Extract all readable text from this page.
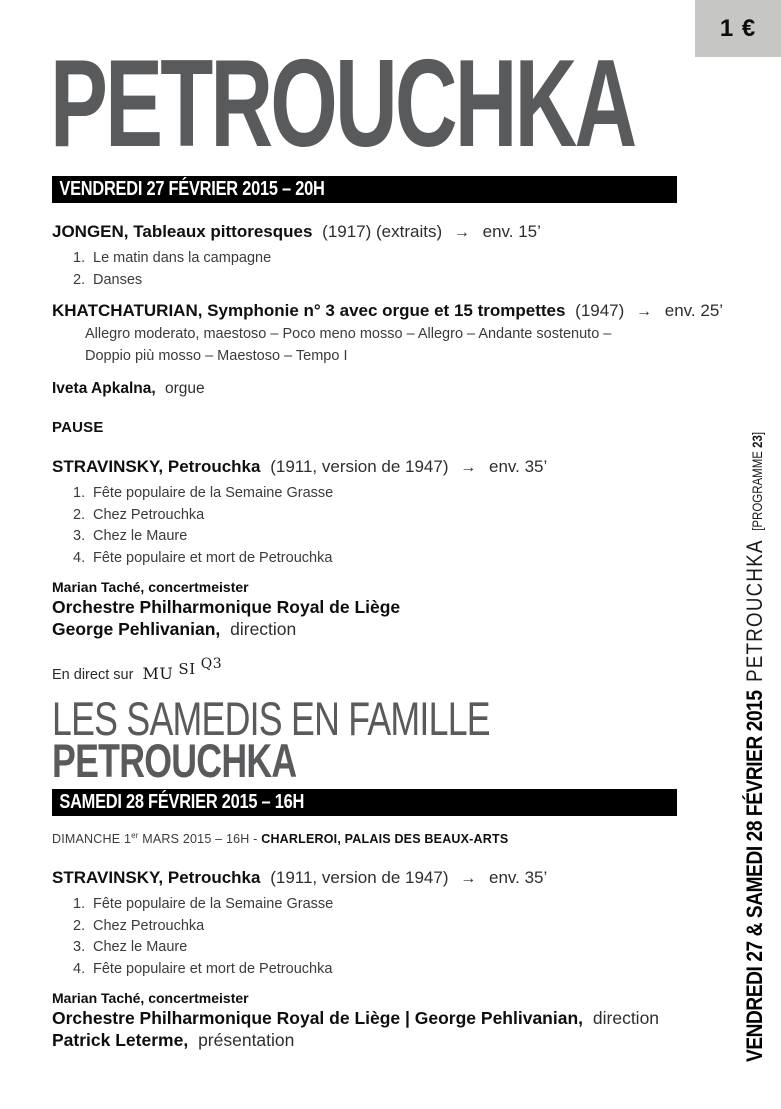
1 €
PETROUCHKA
VENDREDI 27 FÉVRIER 2015 – 20H
JONGEN, Tableaux pittoresques (1917) (extraits) → env. 15’
1. Le matin dans la campagne
2. Danses
KHATCHATURIAN, Symphonie n° 3 avec orgue et 15 trompettes (1947) → env. 25’
Allegro moderato, maestoso – Poco meno mosso – Allegro – Andante sostenuto –
Doppio più mosso – Maestoso – Tempo I
Iveta Apkalna, orgue
PAUSE
STRAVINSKY, Petrouchka (1911, version de 1947) → env. 35’
1. Fête populaire de la Semaine Grasse
2. Chez Petrouchka
3. Chez le Maure
4. Fête populaire et mort de Petrouchka
Marian Taché, concertmeister
Orchestre Philharmonique Royal de Liège
George Pehlivanian, direction
En direct sur MU SI Q3
LES SAMEDIS EN FAMILLE
PETROUCHKA
SAMEDI 28 FÉVRIER 2015 – 16H
DIMANCHE 1er MARS 2015 – 16H - CHARLEROI, PALAIS DES BEAUX-ARTS
STRAVINSKY, Petrouchka (1911, version de 1947) → env. 35’
1. Fête populaire de la Semaine Grasse
2. Chez Petrouchka
3. Chez le Maure
4. Fête populaire et mort de Petrouchka
Marian Taché, concertmeister
Orchestre Philharmonique Royal de Liège | George Pehlivanian, direction
Patrick Leterme, présentation	VENDREDI 27 & SAMEDI 28 FÉVRIER 2015
PETROUCHKA
[PROGRAMME 23]
